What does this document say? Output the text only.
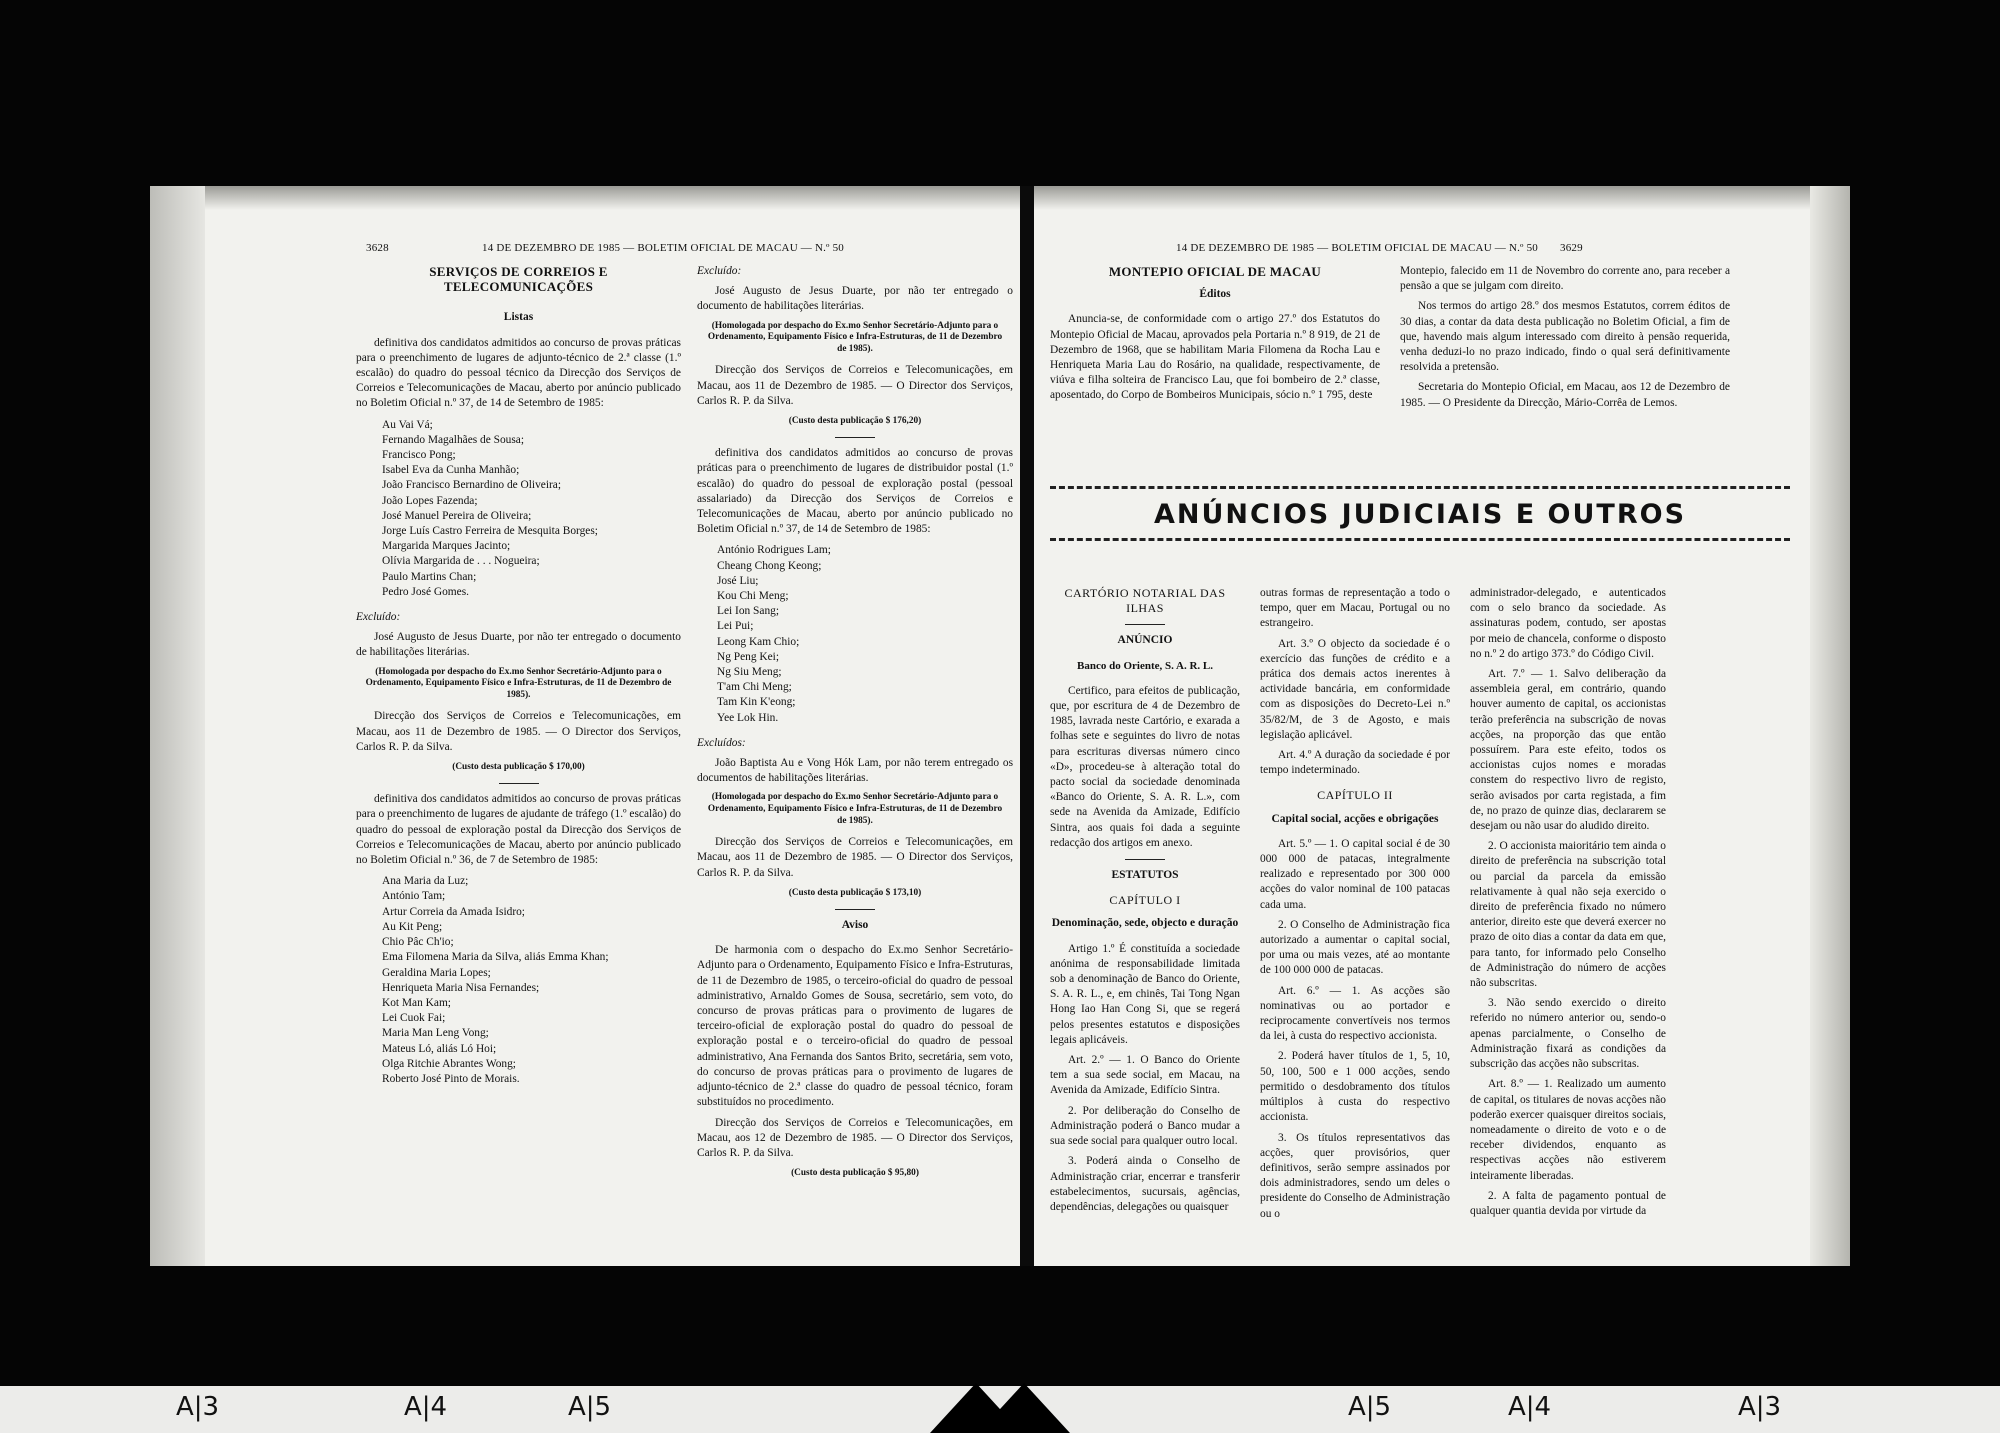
3628	14 DE DEZEMBRO DE 1985 — BOLETIM OFICIAL DE MACAU — N.º 50
SERVIÇOS DE CORREIOS E TELECOMUNICAÇÕES
Listas

definitiva dos candidatos admitidos ao concurso de provas práticas para o preenchimento de lugares de adjunto-técnico de 2.ª classe (1.º escalão) do quadro do pessoal técnico da Direcção dos Serviços de Correios e Telecomunicações de Macau, aberto por anúncio publicado no Boletim Oficial n.º 37, de 14 de Setembro de 1985:

Au Vai Vá;
Fernando Magalhães de Sousa;
Francisco Pong;
Isabel Eva da Cunha Manhão;
João Francisco Bernardino de Oliveira;
João Lopes Fazenda;
José Manuel Pereira de Oliveira;
Jorge Luís Castro Ferreira de Mesquita Borges;
Margarida Marques Jacinto;
Olívia Margarida de . . . Nogueira;
Paulo Martins Chan;
Pedro José Gomes.

Excluído:

José Augusto de Jesus Duarte, por não ter entregado o documento de habilitações literárias.

(Homologada por despacho do Ex.mo Senhor Secretário-Adjunto para o Ordenamento, Equipamento Físico e Infra-Estruturas, de 11 de Dezembro de 1985).

Direcção dos Serviços de Correios e Telecomunicações, em Macau, aos 11 de Dezembro de 1985. — O Director dos Serviços, Carlos R. P. da Silva.

(Custo desta publicação $ 170,00)

definitiva dos candidatos admitidos ao concurso de provas práticas para o preenchimento de lugares de ajudante de tráfego (1.º escalão) do quadro do pessoal de exploração postal da Direcção dos Serviços de Correios e Telecomunicações de Macau, aberto por anúncio publicado no Boletim Oficial n.º 36, de 7 de Setembro de 1985:

Ana Maria da Luz;
António Tam;
Artur Correia da Amada Isidro;
Au Kit Peng;
Chio Pâc Ch'io;
Ema Filomena Maria da Silva, aliás Emma Khan;
Geraldina Maria Lopes;
Henriqueta Maria Nisa Fernandes;
Kot Man Kam;
Lei Cuok Fai;
Maria Man Leng Vong;
Mateus Ló, aliás Ló Hoi;
Olga Ritchie Abrantes Wong;
Roberto José Pinto de Morais.

Excluído:

José Augusto de Jesus Duarte, por não ter entregado o documento de habilitações literárias.

(Homologada por despacho do Ex.mo Senhor Secretário-Adjunto para o Ordenamento, Equipamento Físico e Infra-Estruturas, de 11 de Dezembro de 1985).

Direcção dos Serviços de Correios e Telecomunicações, em Macau, aos 11 de Dezembro de 1985. — O Director dos Serviços, Carlos R. P. da Silva.

(Custo desta publicação $ 176,20)

definitiva dos candidatos admitidos ao concurso de provas práticas para o preenchimento de lugares de distribuidor postal (1.º escalão) do quadro do pessoal de exploração postal (pessoal assalariado) da Direcção dos Serviços de Correios e Telecomunicações de Macau, aberto por anúncio publicado no Boletim Oficial n.º 37, de 14 de Setembro de 1985:

António Rodrigues Lam;
Cheang Chong Keong;
José Liu;
Kou Chi Meng;
Lei Ion Sang;
Lei Pui;
Leong Kam Chio;
Ng Peng Kei;
Ng Siu Meng;
T'am Chi Meng;
Tam Kin K'eong;
Yee Lok Hin.

Excluídos:

João Baptista Au e Vong Hók Lam, por não terem entregado os documentos de habilitações literárias.

(Homologada por despacho do Ex.mo Senhor Secretário-Adjunto para o Ordenamento, Equipamento Físico e Infra-Estruturas, de 11 de Dezembro de 1985).

Direcção dos Serviços de Correios e Telecomunicações, em Macau, aos 11 de Dezembro de 1985. — O Director dos Serviços, Carlos R. P. da Silva.

(Custo desta publicação $ 173,10)
Aviso

De harmonia com o despacho do Ex.mo Senhor Secretário-Adjunto para o Ordenamento, Equipamento Físico e Infra-Estruturas, de 11 de Dezembro de 1985, o terceiro-oficial do quadro de pessoal administrativo, Arnaldo Gomes de Sousa, secretário, sem voto, do concurso de provas práticas para o provimento de lugares de terceiro-oficial de exploração postal do quadro do pessoal de exploração postal e o terceiro-oficial do quadro de pessoal administrativo, Ana Fernanda dos Santos Brito, secretária, sem voto, do concurso de provas práticas para o provimento de lugares de adjunto-técnico de 2.ª classe do quadro de pessoal técnico, foram substituídos no procedimento.

Direcção dos Serviços de Correios e Telecomunicações, em Macau, aos 12 de Dezembro de 1985. — O Director dos Serviços, Carlos R. P. da Silva.

(Custo desta publicação $ 95,80)
14 DE DEZEMBRO DE 1985 — BOLETIM OFICIAL DE MACAU — N.º 50 3629
MONTEPIO OFICIAL DE MACAU
Éditos

Anuncia-se, de conformidade com o artigo 27.º dos Estatutos do Montepio Oficial de Macau, aprovados pela Portaria n.º 8 919, de 21 de Dezembro de 1968, que se habilitam Maria Filomena da Rocha Lau e Henriqueta Maria Lau do Rosário, na qualidade, respectivamente, de viúva e filha solteira de Francisco Lau, que foi bombeiro de 2.ª classe, aposentado, do Corpo de Bombeiros Municipais, sócio n.º 1 795, deste

Montepio, falecido em 11 de Novembro do corrente ano, para receber a pensão a que se julgam com direito.

Nos termos do artigo 28.º dos mesmos Estatutos, correm éditos de 30 dias, a contar da data desta publicação no Boletim Oficial, a fim de que, havendo mais algum interessado com direito à pensão requerida, venha deduzi-lo no prazo indicado, findo o qual será definitivamente resolvida a pretensão.

Secretaria do Montepio Oficial, em Macau, aos 12 de Dezembro de 1985. — O Presidente da Direcção, Mário-Corrêa de Lemos.

ANÚNCIOS JUDICIAIS E OUTROS
CARTÓRIO NOTARIAL DAS ILHAS
ANÚNCIO
Banco do Oriente, S. A. R. L.

Certifico, para efeitos de publicação, que, por escritura de 4 de Dezembro de 1985, lavrada neste Cartório, e exarada a folhas sete e seguintes do livro de notas para escrituras diversas número cinco «D», procedeu-se à alteração total do pacto social da sociedade denominada «Banco do Oriente, S. A. R. L.», com sede na Avenida da Amizade, Edifício Sintra, aos quais foi dada a seguinte redacção dos artigos em anexo.

ESTATUTOS
CAPÍTULO I
Denominação, sede, objecto e duração

Artigo 1.º É constituída a sociedade anónima de responsabilidade limitada sob a denominação de Banco do Oriente, S. A. R. L., e, em chinês, Tai Tong Ngan Hong Iao Han Cong Si, que se regerá pelos presentes estatutos e disposições legais aplicáveis.

Art. 2.º — 1. O Banco do Oriente tem a sua sede social, em Macau, na Avenida da Amizade, Edifício Sintra.

2. Por deliberação do Conselho de Administração poderá o Banco mudar a sua sede social para qualquer outro local.

3. Poderá ainda o Conselho de Administração criar, encerrar e transferir estabelecimentos, sucursais, agências, dependências, delegações ou quaisquer

outras formas de representação a todo o tempo, quer em Macau, Portugal ou no estrangeiro.

Art. 3.º O objecto da sociedade é o exercício das funções de crédito e a prática dos demais actos inerentes à actividade bancária, em conformidade com as disposições do Decreto-Lei n.º 35/82/M, de 3 de Agosto, e mais legislação aplicável.

Art. 4.º A duração da sociedade é por tempo indeterminado.

CAPÍTULO II
Capital social, acções e obrigações

Art. 5.º — 1. O capital social é de 30 000 000 de patacas, integralmente realizado e representado por 300 000 acções do valor nominal de 100 patacas cada uma.

2. O Conselho de Administração fica autorizado a aumentar o capital social, por uma ou mais vezes, até ao montante de 100 000 000 de patacas.

Art. 6.º — 1. As acções são nominativas ou ao portador e reciprocamente convertíveis nos termos da lei, à custa do respectivo accionista.

2. Poderá haver títulos de 1, 5, 10, 50, 100, 500 e 1 000 acções, sendo permitido o desdobramento dos títulos múltiplos à custa do respectivo accionista.

3. Os títulos representativos das acções, quer provisórios, quer definitivos, serão sempre assinados por dois administradores, sendo um deles o presidente do Conselho de Administração ou o

administrador-delegado, e autenticados com o selo branco da sociedade. As assinaturas podem, contudo, ser apostas por meio de chancela, conforme o disposto no n.º 2 do artigo 373.º do Código Civil.

Art. 7.º — 1. Salvo deliberação da assembleia geral, em contrário, quando houver aumento de capital, os accionistas terão preferência na subscrição de novas acções, na proporção das que então possuírem. Para este efeito, todos os accionistas cujos nomes e moradas constem do respectivo livro de registo, serão avisados por carta registada, a fim de, no prazo de quinze dias, declararem se desejam ou não usar do aludido direito.

2. O accionista maioritário tem ainda o direito de preferência na subscrição total ou parcial da parcela da emissão relativamente à qual não seja exercido o direito de preferência fixado no número anterior, direito este que deverá exercer no prazo de oito dias a contar da data em que, para tanto, for informado pelo Conselho de Administração do número de acções não subscritas.

3. Não sendo exercido o direito referido no número anterior ou, sendo-o apenas parcialmente, o Conselho de Administração fixará as condições da subscrição das acções não subscritas.

Art. 8.º — 1. Realizado um aumento de capital, os titulares de novas acções não poderão exercer quaisquer direitos sociais, nomeadamente o direito de voto e o de receber dividendos, enquanto as respectivas acções não estiverem inteiramente liberadas.

2. A falta de pagamento pontual de qualquer quantia devida por virtude da

A|3	A|4	A|5	A|5	A|4	A|3
